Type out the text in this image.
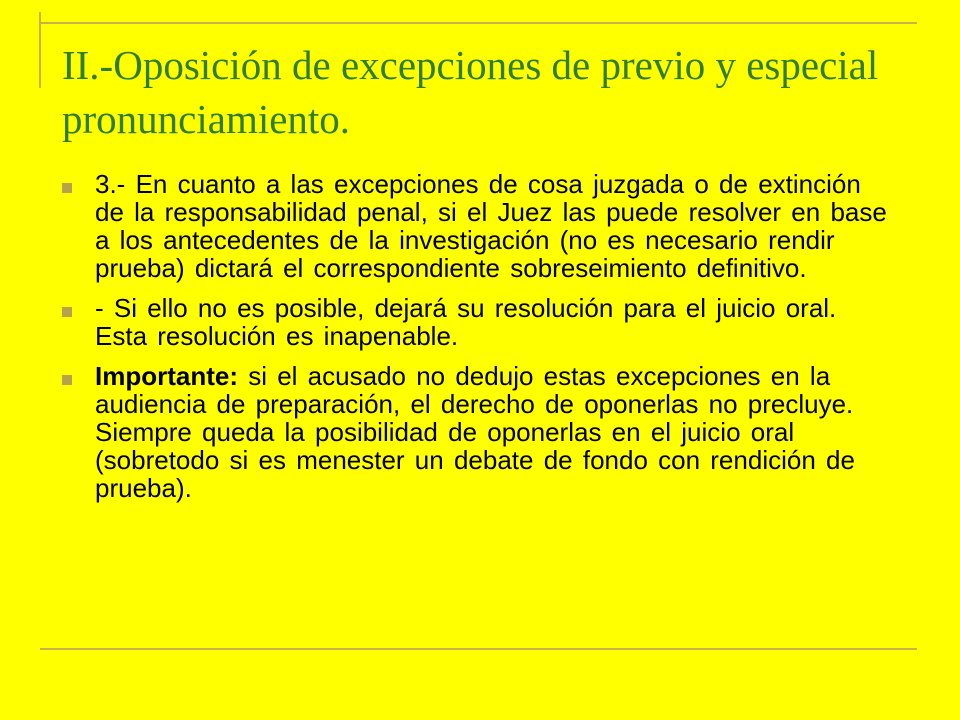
II.-Oposición de excepciones de previo y especial pronunciamiento.
3.- En cuanto a las excepciones de cosa juzgada o de extinción de la responsabilidad penal, si el Juez las puede resolver en base a los antecedentes de la investigación (no es necesario rendir prueba) dictará el correspondiente sobreseimiento definitivo.
- Si ello no es posible, dejará su resolución para el juicio oral. Esta resolución es inapenable.
Importante: si el acusado no dedujo estas excepciones en la audiencia de preparación, el derecho de oponerlas no precluye. Siempre queda la posibilidad de oponerlas en el juicio oral (sobretodo si es menester un debate de fondo con rendición de prueba).
